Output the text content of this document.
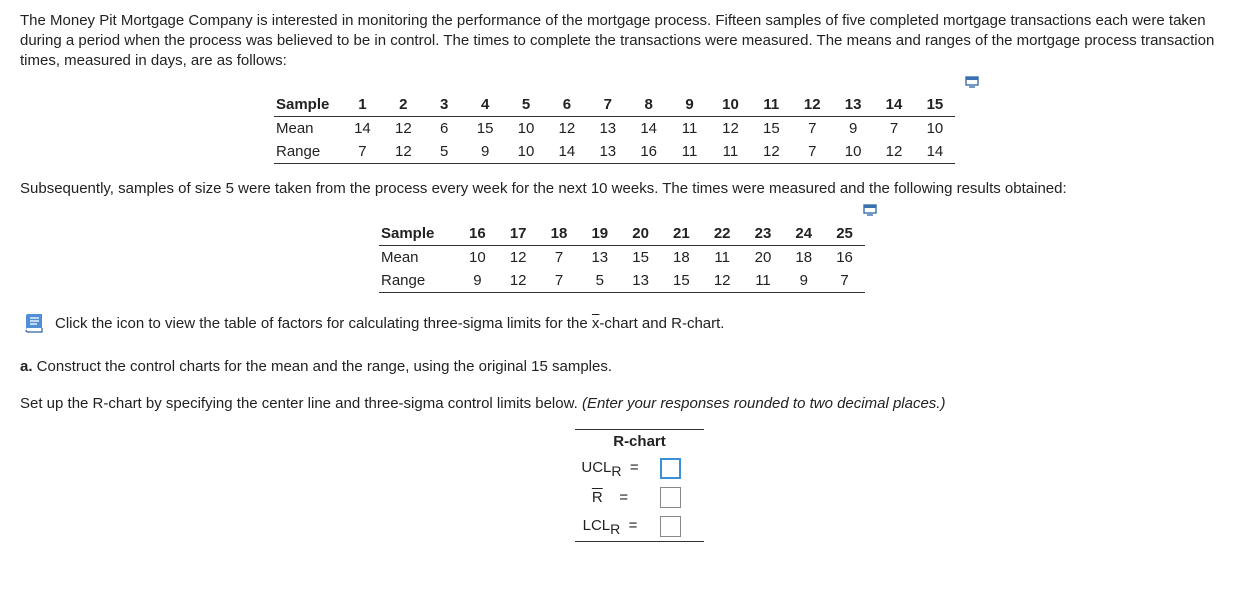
The Money Pit Mortgage Company is interested in monitoring the performance of the mortgage process. Fifteen samples of five completed mortgage transactions each were taken during a period when the process was believed to be in control. The times to complete the transactions were measured. The means and ranges of the mortgage process transaction times, measured in days, are as follows:

Sample	1	2	3	4	5	6	7	8	9	10	11	12	13	14	15
Mean	14	12	6	15	10	12	13	14	11	12	15	7	9	7	10
Range	7	12	5	9	10	14	13	16	11	11	12	7	10	12	14

Subsequently, samples of size 5 were taken from the process every week for the next 10 weeks. The times were measured and the following results obtained:

Sample	16	17	18	19	20	21	22	23	24	25
Mean	10	12	7	13	15	18	11	20	18	16
Range	9	12	7	5	13	15	12	11	9	7
Click the icon to view the table of factors for calculating three-sigma limits for the $\overline{x}$-chart and R-chart.

a. Construct the control charts for the mean and the range, using the original 15 samples.

Set up the R-chart by specifying the center line and three-sigma control limits below. (Enter your responses rounded to two decimal places.)

R-chart
$UCL_R$ =
$\overline{R}$ =
$LCL_R$ =
